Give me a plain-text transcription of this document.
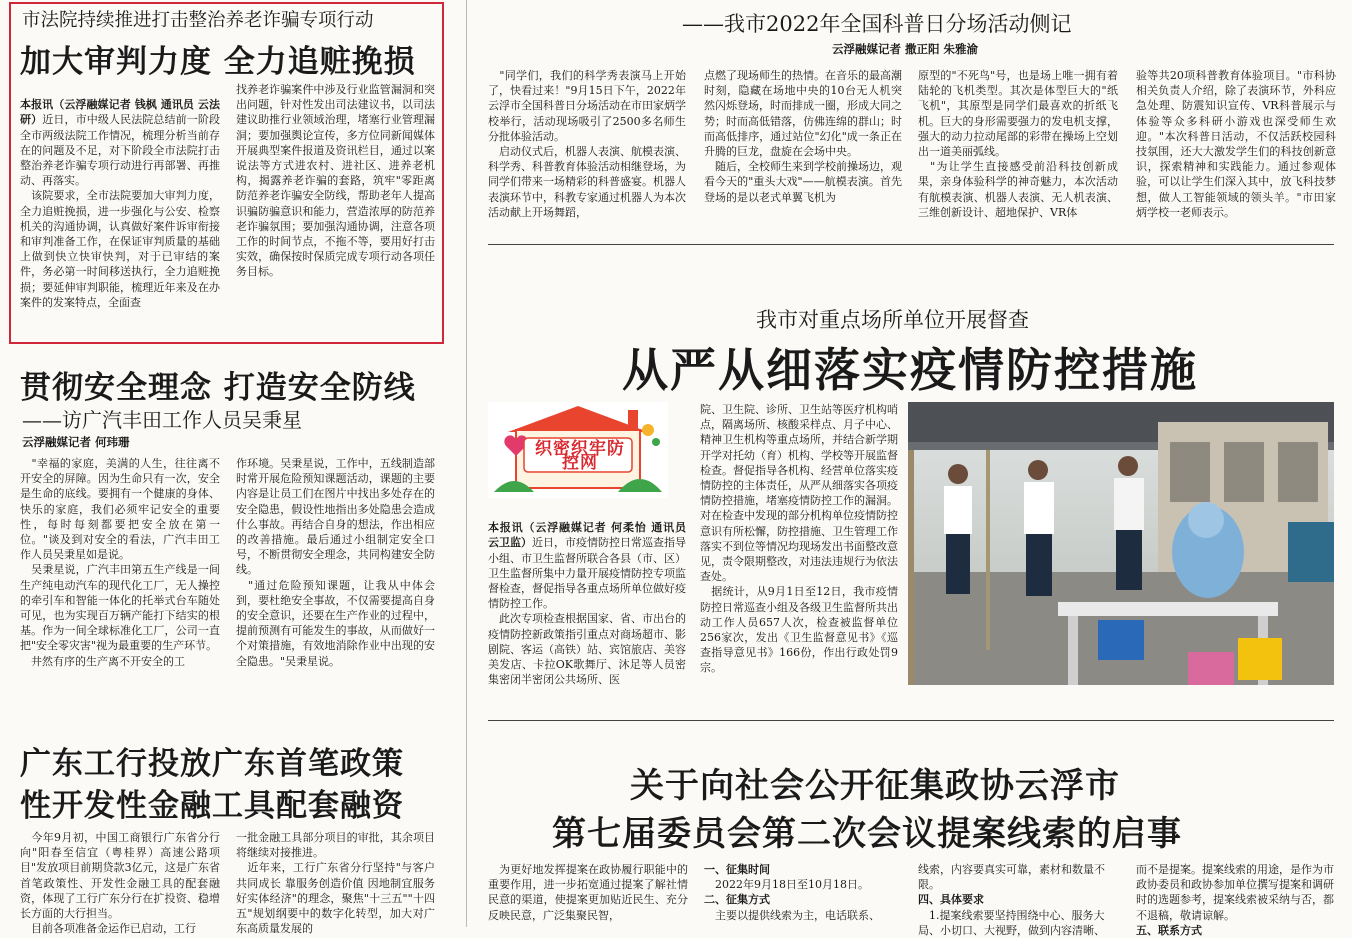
市法院持续推进打击整治养老诈骗专项行动
加大审判力度 全力追赃挽损

本报讯（云浮融媒记者 钱枫 通讯员 云法研）近日，市中级人民法院总结前一阶段全市两级法院工作情况，梳理分析当前存在的问题及不足，对下阶段全市法院打击整治养老诈骗专项行动进行再部署、再推动、再落实。
　该院要求，全市法院要加大审判力度，全力追赃挽损，进一步强化与公安、检察机关的沟通协调，认真做好案件诉审衔接和审判准备工作，在保证审判质量的基础上做到快立快审快判，对于已审结的案件，务必第一时间移送执行，全力追赃挽损；要延伸审判职能，梳理近年来及在办案件的发案特点，全面查

找养老诈骗案件中涉及行业监管漏洞和突出问题，针对性发出司法建议书，以司法建议助推行业领域治理，堵塞行业管理漏洞；要加强舆论宣传，多方位同新闻媒体开展典型案件报道及资讯栏目，通过以案说法等方式进农村、进社区、进养老机构，揭露养老诈骗的套路，筑牢"零距离防范养老诈骗安全防线，帮助老年人提高识骗防骗意识和能力，营造浓厚的防范养老诈骗氛围；要加强沟通协调，注意各项工作的时间节点，不拖不等，要用好打击实效，确保按时保质完成专项行动各项任务目标。
贯彻安全理念 打造安全防线
——访广汽丰田工作人员吴秉星
云浮融媒记者 何玮珊
　"幸福的家庭，美满的人生，往往离不开安全的屏障。因为生命只有一次，安全是生命的底线。要拥有一个健康的身体、快乐的家庭，我们必须牢记安全的重要性，每时每刻都要把安全放在第一位。"谈及到对安全的看法，广汽丰田工作人员吴秉星如是说。
　吴秉星说，广汽丰田第五生产线是一间生产纯电动汽车的现代化工厂，无人操控的牵引车和智能一体化的托举式台车随处可见，也为实现百万辆产能打下结实的根基。作为一间全球标准化工厂，公司一直把"安全零灾害"视为最重要的生产环节。
　井然有序的生产离不开安全的工
作环境。吴秉星说，工作中，五线制造部时常开展危险预知课题活动，课题的主要内容是让员工们在图片中找出多处存在的安全隐患，假设性地指出多处隐患会造成什么事故。再结合自身的想法，作出相应的改善措施。最后通过小组制定安全口号，不断贯彻安全理念，共同构建安全防线。
　"通过危险预知课题，让我从中体会到，要杜绝安全事故，不仅需要提高自身的安全意识，还要在生产作业的过程中，提前预测有可能发生的事故，从而做好一个对策措施，有效地消除作业中出现的安全隐患。"吴秉星说。
广东工行投放广东首笔政策
性开发性金融工具配套融资
　今年9月初，中国工商银行广东省分行向"阳春至信宜（粤桂界）高速公路项目"发放项目前期贷款3亿元，这是广东省首笔政策性、开发性金融工具的配套融资，体现了工行广东分行在扩投资、稳增长方面的大行担当。
　目前各项准备金运作已启动，工行
一批金融工具部分项目的审批，其余项目将继续对接推进。
　近年来，工行广东省分行坚持"与客户共同成长 靠服务创造价值 因地制宜服务好实体经济"的理念，聚焦"十三五""十四五"规划纲要中的数字化转型，加大对广东高质量发展的
——我市2022年全国科普日分场活动侧记
云浮融媒记者 撒正阳 朱雅渝
　"同学们，我们的科学秀表演马上开始了，快看过来！"9月15日下午，2022年云浮市全国科普日分场活动在市田家炳学校举行，活动现场吸引了2500多名师生分批体验活动。
　启动仪式后，机器人表演、航模表演、科学秀、科普教育体验活动相继登场，为同学们带来一场精彩的科普盛宴。机器人表演环节中，科教专家通过机器人为本次活动献上开场舞蹈，
点燃了现场师生的热情。在音乐的最高潮时刻，隐藏在场地中央的10台无人机突然闪烁登场，时而排成一圈，形成大同之势；时而高低错落，仿佛连绵的群山；时而高低排序，通过站位"幻化"成一条正在升腾的巨龙，盘旋在会场中央。
　随后，全校师生来到学校前操场边，观看今天的"重头大戏"——航模表演。首先登场的是以老式单翼飞机为
原型的"不死鸟"号，也是场上唯一拥有着陆轮的飞机类型。其次是体型巨大的"纸飞机"，其原型是同学们最喜欢的折纸飞机。巨大的身形需要强力的发电机支撑，强大的动力拉动尾部的彩带在操场上空划出一道美丽弧线。
　"为让学生直接感受前沿科技创新成果，亲身体验科学的神奇魅力，本次活动有航模表演、机器人表演、无人机表演、三维创新设计、超地保护、VR体
验等共20项科普教育体验项目。"市科协相关负责人介绍，除了表演环节，外科应急处理、防震知识宣传、VR科普展示与体验等众多科研小游戏也深受师生欢迎。"本次科普日活动，不仅活跃校园科技氛围，还大大激发学生们的科技创新意识，探索精神和实践能力。通过参观体验，可以让学生们深入其中，放飞科技梦想，做人工智能领域的领头羊。"市田家炳学校一老师表示。
我市对重点场所单位开展督查
从严从细落实疫情防控措施
织密织牢防控网

本报讯（云浮融媒记者 何柔怡 通讯员 云卫监）近日，市疫情防控日常巡查指导小组、市卫生监督所联合各县（市、区）卫生监督所集中力量开展疫情防控专项监督检查，督促指导各重点场所单位做好疫情防控工作。
　此次专项检查根据国家、省、市出台的疫情防控新政策指引重点对商场超市、影剧院、客运（高铁）站、宾馆旅店、美容美发店、卡拉OK歌舞厅、沐足等人员密集密闭半密闭公共场所、医

院、卫生院、诊所、卫生站等医疗机构哨点，隔离场所、核酸采样点、月子中心、精神卫生机构等重点场所，并结合新学期开学对托幼（育）机构、学校等开展监督检查。督促指导各机构、经营单位落实疫情防控的主体责任，从严从细落实各项疫情防控措施，堵塞疫情防控工作的漏洞。对在检查中发现的部分机构单位疫情防控意识有所松懈，防控措施、卫生管理工作落实不到位等情况均现场发出书面整改意见，责令限期整改，对违法违规行为依法查处。
　据统计，从9月1日至12日，我市疫情防控日常巡查小组及各级卫生监督所共出动工作人员657人次，检查被监督单位256家次，发出《卫生监督意见书》《巡查指导意见书》166份，作出行政处罚9宗。
关于向社会公开征集政协云浮市
第七届委员会第二次会议提案线索的启事
　为更好地发挥提案在政协履行职能中的重要作用，进一步拓宽通过提案了解社情民意的渠道，使提案更加贴近民生、充分反映民意，广泛集聚民智，
一、征集时间
　2022年9月18日至10月18日。
二、征集方式
　主要以提供线索为主，电话联系、
线索，内容要真实可靠，素材和数量不限。
四、具体要求
　1.提案线索要坚持围绕中心、服务大局、小切口、大视野，做到内容清晰、
而不是提案。提案线索的用途，是作为市政协委员和政协参加单位撰写提案和调研时的选题参考，提案线索被采纳与否，都不退稿，敬请谅解。
五、联系方式
